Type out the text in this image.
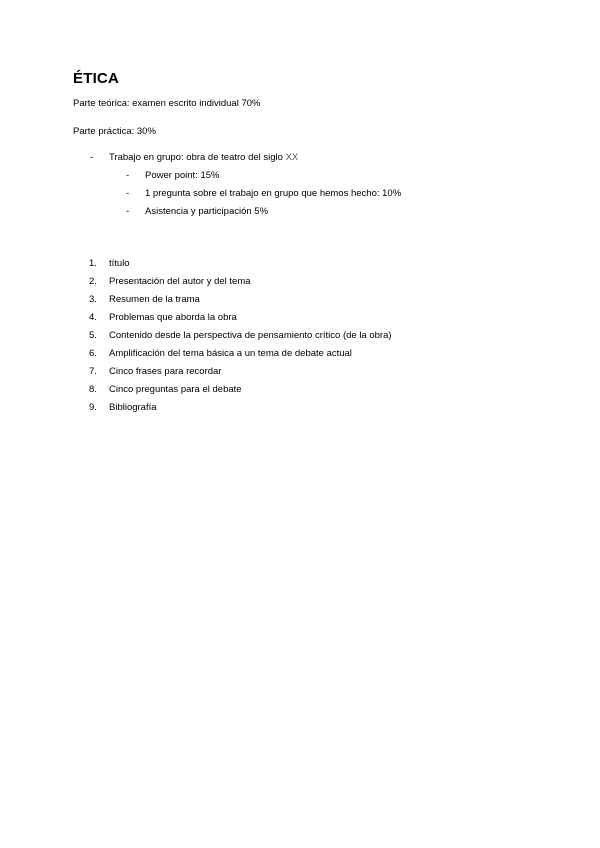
ÉTICA

Parte teórica: examen escrito individual 70%

Parte práctica: 30%

- Trabajo en grupo: obra de teatro del siglo XX
- Power point: 15%
- 1 pregunta sobre el trabajo en grupo que hemos hecho: 10%
- Asistencia y participación 5%
1. título
2. Presentación del autor y del tema
3. Resumen de la trama
4. Problemas que aborda la obra
5. Contenido desde la perspectiva de pensamiento crítico (de la obra)
6. Amplificación del tema básica a un tema de debate actual
7. Cinco frases para recordar
8. Cinco preguntas para el debate
9. Bibliografía
